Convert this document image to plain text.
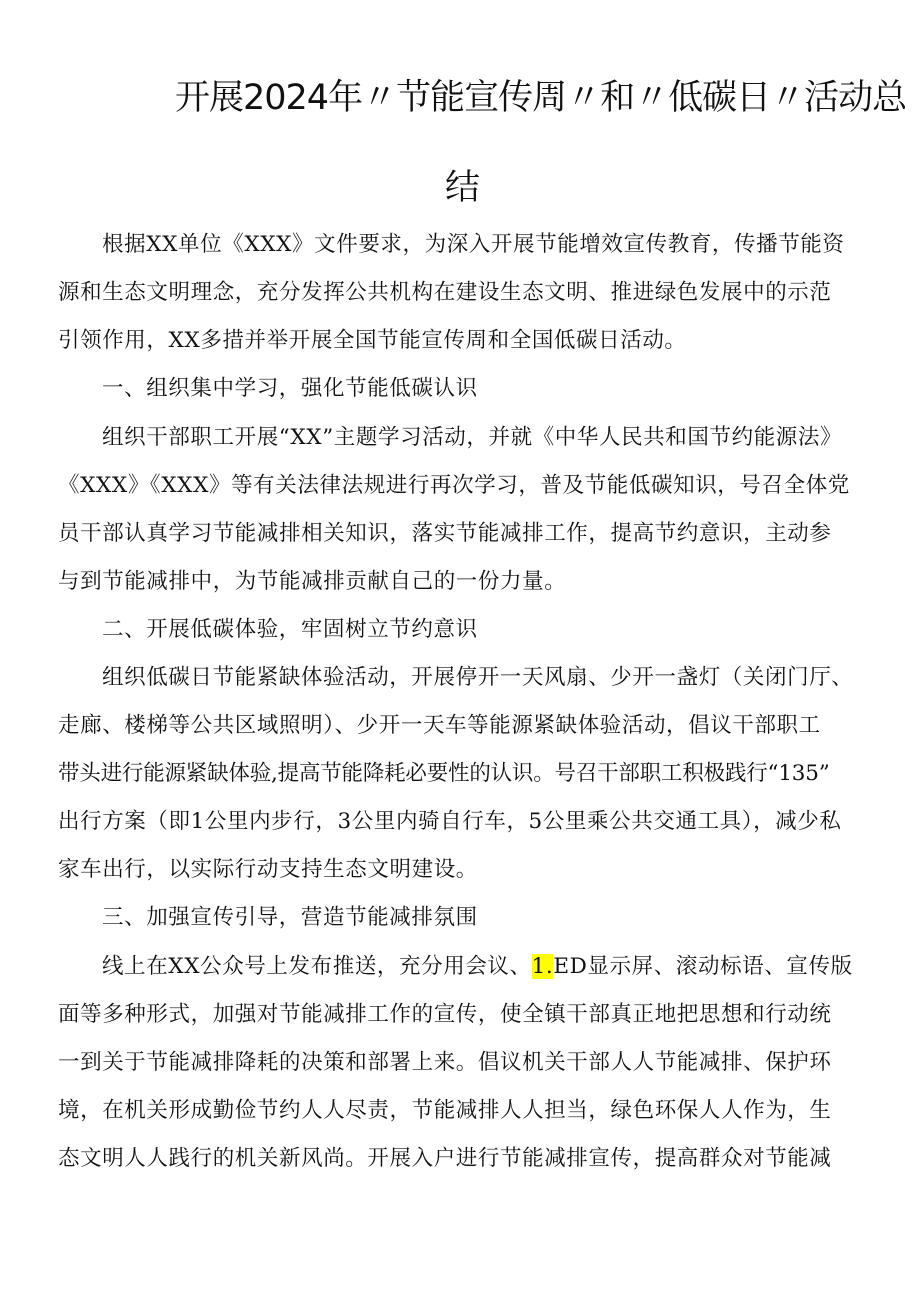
开展2024年〃节能宣传周〃和〃低碳日〃活动总
结
根据XX单位《XXX》文件要求，为深入开展节能增效宣传教育，传播节能资
源和生态文明理念，充分发挥公共机构在建设生态文明、推进绿色发展中的示范
引领作用，XX多措并举开展全国节能宣传周和全国低碳日活动。
一、组织集中学习，强化节能低碳认识
组织干部职工开展“XX”主题学习活动，并就《中华人民共和国节约能源法》
《XXX》《XXX》等有关法律法规进行再次学习，普及节能低碳知识，号召全体党
员干部认真学习节能减排相关知识，落实节能减排工作，提高节约意识，主动参
与到节能减排中，为节能减排贡献自己的一份力量。
二、开展低碳体验，牢固树立节约意识
组织低碳日节能紧缺体验活动，开展停开一天风扇、少开一盏灯（关闭门厅、
走廊、楼梯等公共区域照明）、少开一天车等能源紧缺体验活动，倡议干部职工
带头进行能源紧缺体验,提高节能降耗必要性的认识。号召干部职工积极践行“135”
出行方案（即1公里内步行，3公里内骑自行车，5公里乘公共交通工具），减少私
家车出行，以实际行动支持生态文明建设。
三、加强宣传引导，营造节能减排氛围
线上在XX公众号上发布推送，充分用会议、1.ED显示屏、滚动标语、宣传版
面等多种形式，加强对节能减排工作的宣传，使全镇干部真正地把思想和行动统
一到关于节能减排降耗的决策和部署上来。倡议机关干部人人节能减排、保护环
境，在机关形成勤俭节约人人尽责，节能减排人人担当，绿色环保人人作为，生
态文明人人践行的机关新风尚。开展入户进行节能减排宣传，提高群众对节能减
